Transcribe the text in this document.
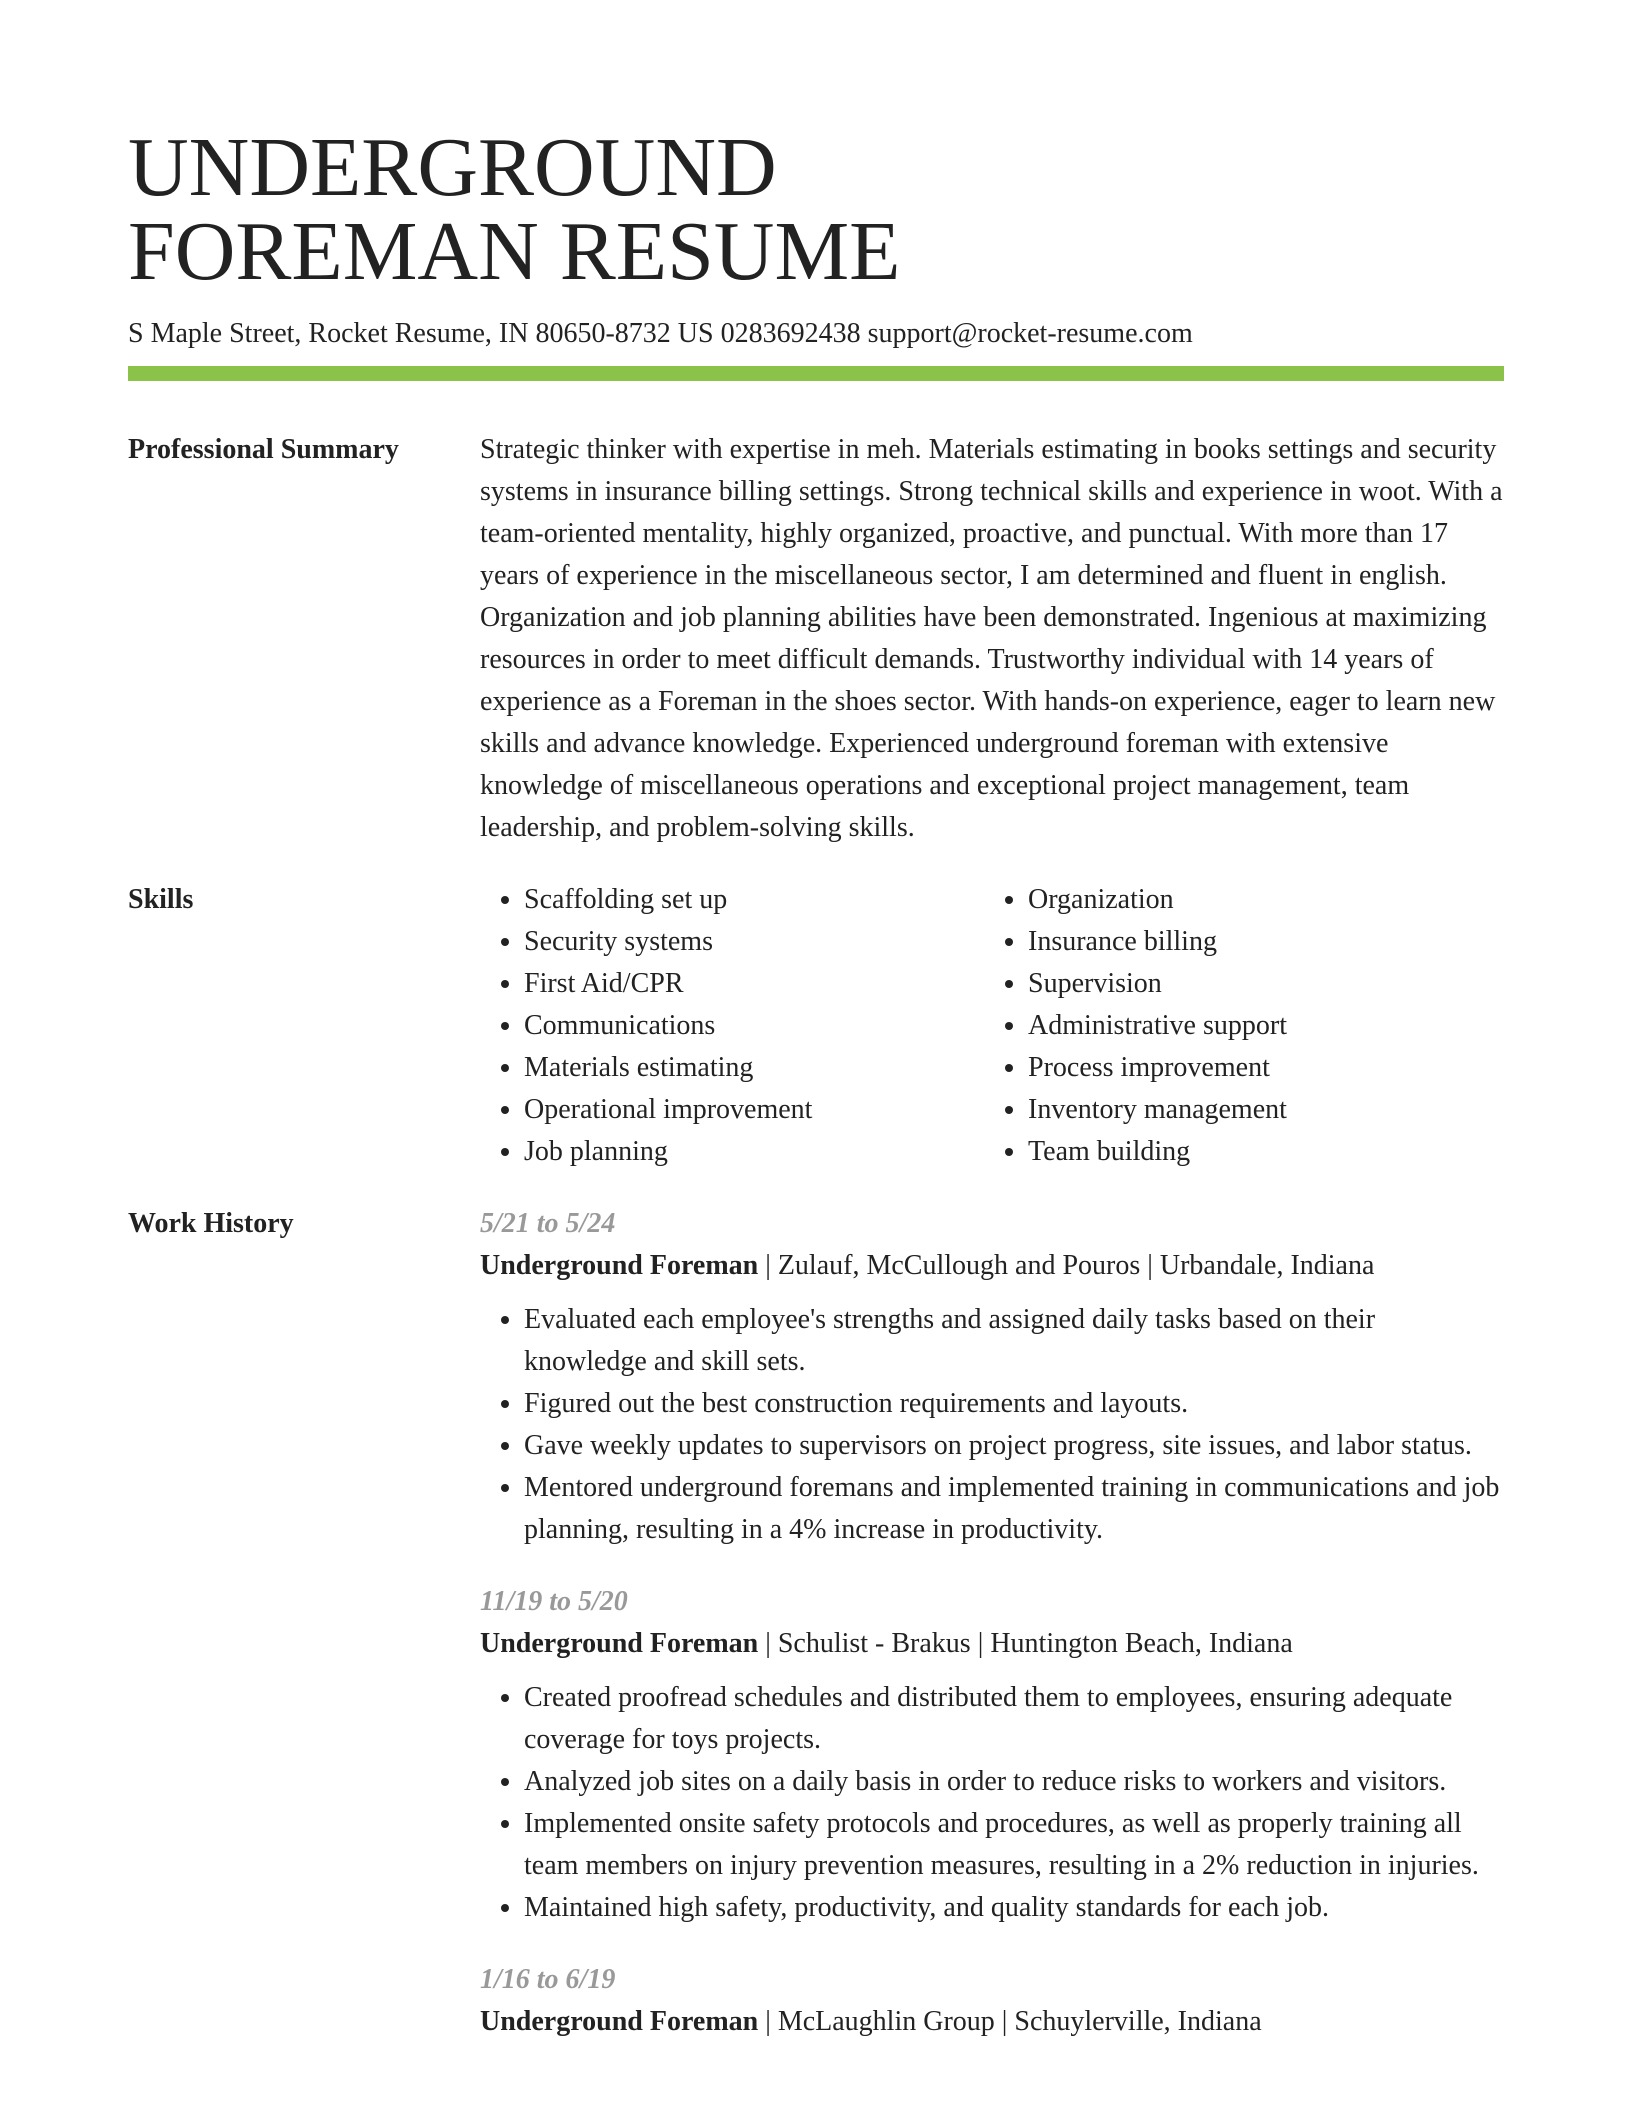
UNDERGROUND
FOREMAN RESUME
S Maple Street, Rocket Resume, IN 80650-8732 US 0283692438 support@rocket-resume.com
Professional Summary	Strategic thinker with expertise in meh. Materials estimating in books settings and security systems in insurance billing settings. Strong technical skills and experience in woot. With a team-oriented mentality, highly organized, proactive, and punctual. With more than 17 years of experience in the miscellaneous sector, I am determined and fluent in english. Organization and job planning abilities have been demonstrated. Ingenious at maximizing resources in order to meet difficult demands. Trustworthy individual with 14 years of experience as a Foreman in the shoes sector. With hands-on experience, eager to learn new skills and advance knowledge. Experienced underground foreman with extensive knowledge of miscellaneous operations and exceptional project management, team leadership, and problem-solving skills.

Skills
•	Scaffolding set up
• Security systems
• First Aid/CPR
• Communications
• Materials estimating
• Operational improvement
• Job planning
• Organization
• Insurance billing
• Supervision
• Administrative support
• Process improvement
• Inventory management
• Team building
Work History	5/21 to 5/24
Underground Foreman | Zulauf, McCullough and Pouros | Urbandale, Indiana
• Evaluated each employee's strengths and assigned daily tasks based on their knowledge and skill sets.
• Figured out the best construction requirements and layouts.
• Gave weekly updates to supervisors on project progress, site issues, and labor status.
• Mentored underground foremans and implemented training in communications and job planning, resulting in a 4% increase in productivity.
11/19 to 5/20
Underground Foreman | Schulist - Brakus | Huntington Beach, Indiana
• Created proofread schedules and distributed them to employees, ensuring adequate coverage for toys projects.
• Analyzed job sites on a daily basis in order to reduce risks to workers and visitors.
• Implemented onsite safety protocols and procedures, as well as properly training all team members on injury prevention measures, resulting in a 2% reduction in injuries.
• Maintained high safety, productivity, and quality standards for each job.
1/16 to 6/19
Underground Foreman | McLaughlin Group | Schuylerville, Indiana
